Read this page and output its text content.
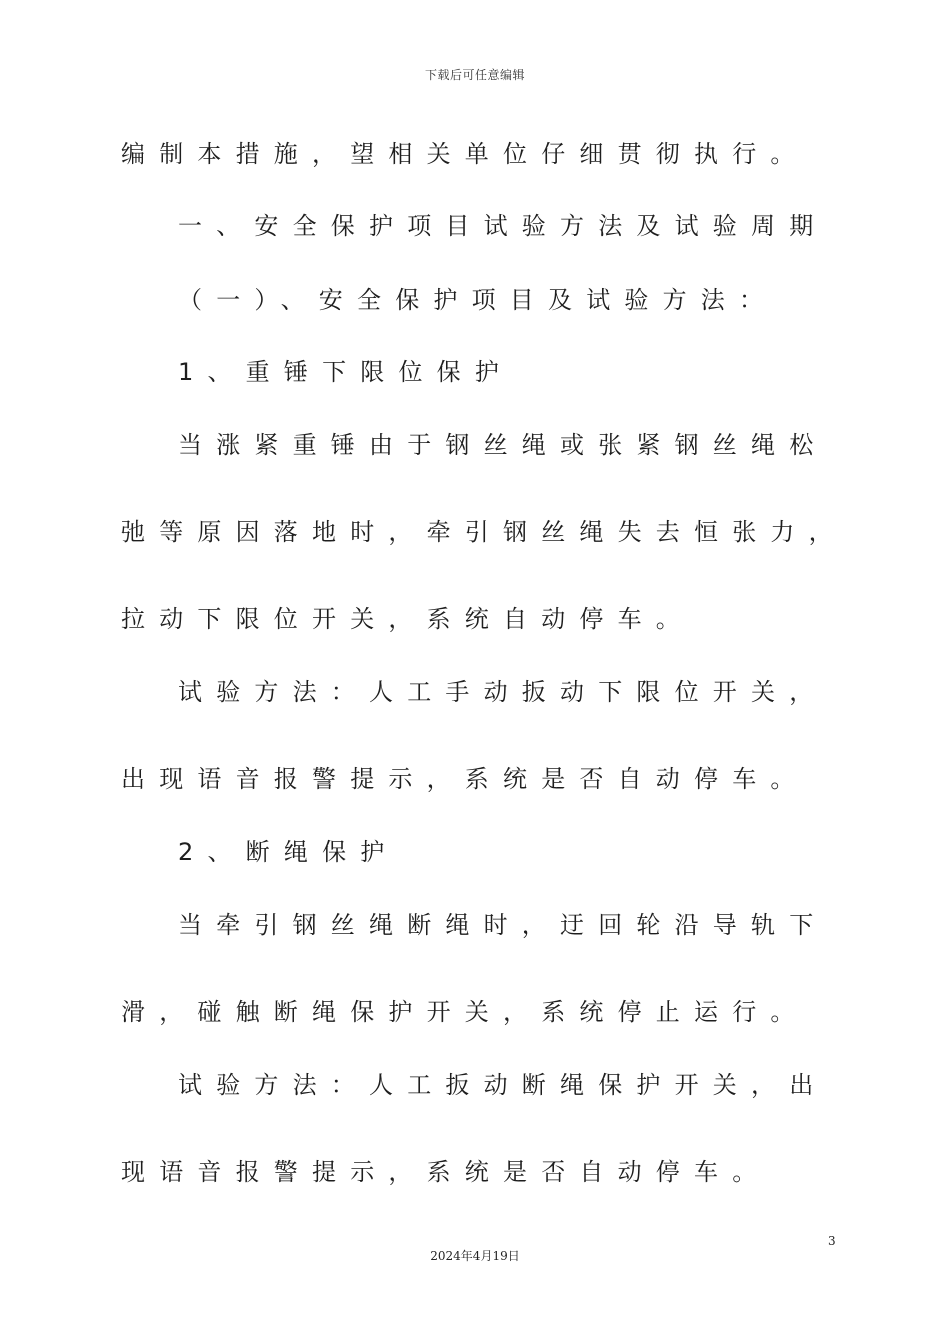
下载后可任意编辑
编制本措施，望相关单位仔细贯彻执行。
一、安全保护项目试验方法及试验周期
（一）、安全保护项目及试验方法：
1、重锤下限位保护
当涨紧重锤由于钢丝绳或张紧钢丝绳松
弛等原因落地时，牵引钢丝绳失去恒张力，
拉动下限位开关，系统自动停车。
试验方法：人工手动扳动下限位开关，
出现语音报警提示，系统是否自动停车。
2、断绳保护
当牵引钢丝绳断绳时，迂回轮沿导轨下
滑，碰触断绳保护开关，系统停止运行。
试验方法：人工扳动断绳保护开关，出
现语音报警提示，系统是否自动停车。
3
2024年4月19日
